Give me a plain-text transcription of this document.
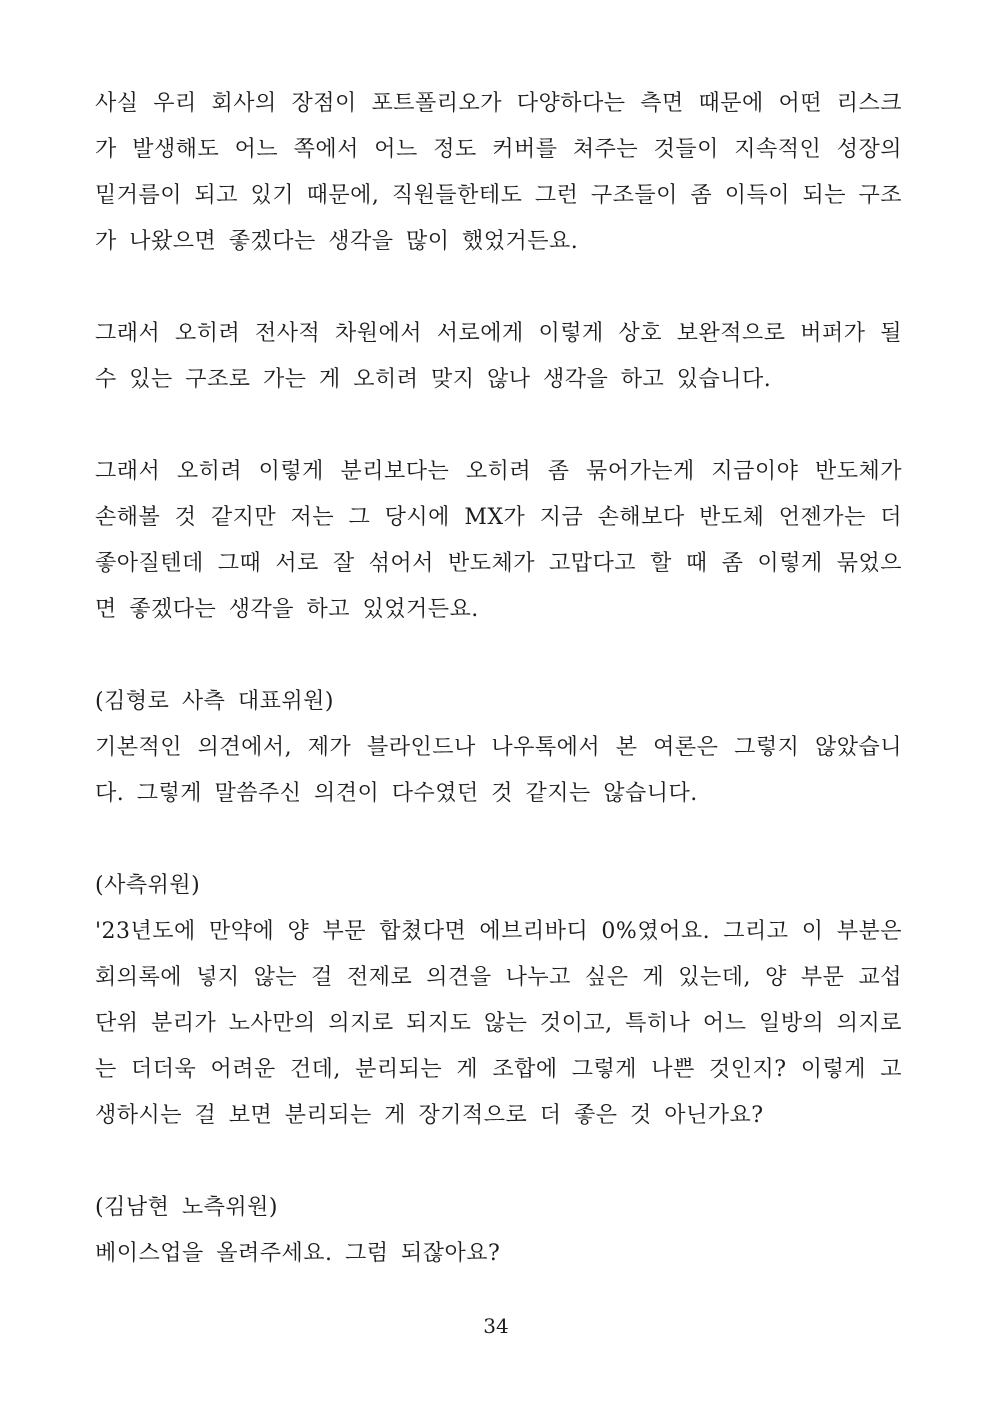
사실 우리 회사의 장점이 포트폴리오가 다양하다는 측면 때문에 어떤 리스크가 발생해도 어느 쪽에서 어느 정도 커버를 쳐주는 것들이 지속적인 성장의 밑거름이 되고 있기 때문에, 직원들한테도 그런 구조들이 좀 이득이 되는 구조가 나왔으면 좋겠다는 생각을 많이 했었거든요.

그래서 오히려 전사적 차원에서 서로에게 이렇게 상호 보완적으로 버퍼가 될 수 있는 구조로 가는 게 오히려 맞지 않나 생각을 하고 있습니다.

그래서 오히려 이렇게 분리보다는 오히려 좀 묶어가는게 지금이야 반도체가 손해볼 것 같지만 저는 그 당시에 MX가 지금 손해보다 반도체 언젠가는 더 좋아질텐데 그때 서로 잘 섞어서 반도체가 고맙다고 할 때 좀 이렇게 묶었으면 좋겠다는 생각을 하고 있었거든요.

(김형로 사측 대표위원)

기본적인 의견에서, 제가 블라인드나 나우톡에서 본 여론은 그렇지 않았습니다. 그렇게 말씀주신 의견이 다수였던 것 같지는 않습니다.

(사측위원)

'23년도에 만약에 양 부문 합쳤다면 에브리바디 0%였어요. 그리고 이 부분은 회의록에 넣지 않는 걸 전제로 의견을 나누고 싶은 게 있는데, 양 부문 교섭단위 분리가 노사만의 의지로 되지도 않는 것이고, 특히나 어느 일방의 의지로는 더더욱 어려운 건데, 분리되는 게 조합에 그렇게 나쁜 것인지? 이렇게 고생하시는 걸 보면 분리되는 게 장기적으로 더 좋은 것 아닌가요?

(김남현 노측위원)

베이스업을 올려주세요. 그럼 되잖아요?

34
